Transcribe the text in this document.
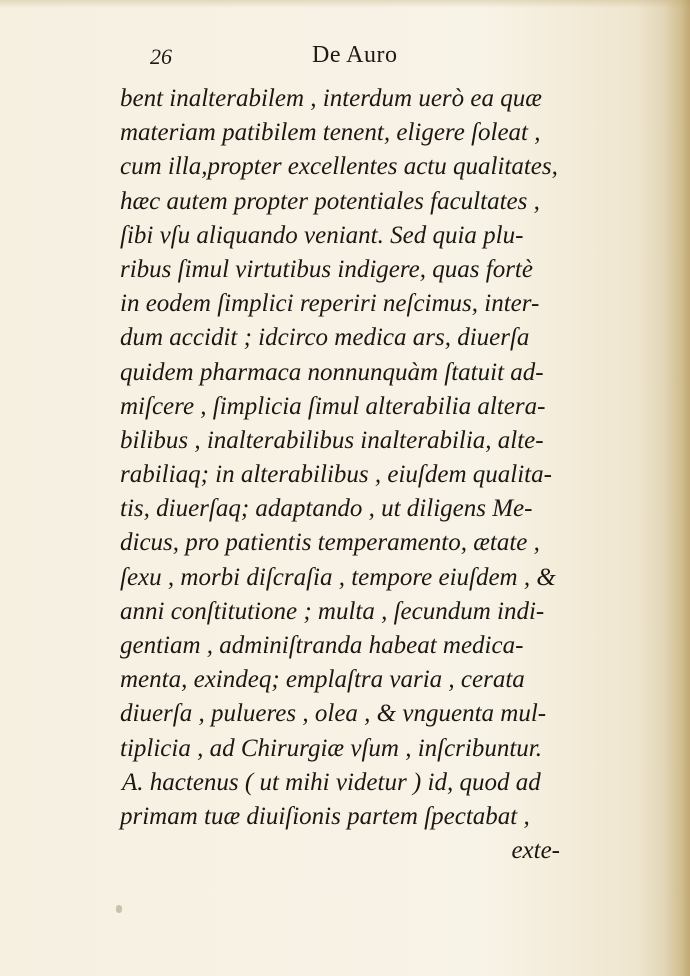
26	De Auro
bent inalterabilem , interdum uerò ea quæ
materiam patibilem tenent, eligere ſoleat ,
cum illa,propter excellentes actu qualitates,
hæc autem propter potentiales facultates ,
ſibi vſu aliquando veniant. Sed quia plu-
ribus ſimul virtutibus indigere, quas fortè
in eodem ſimplici reperiri neſcimus, inter-
dum accidit ; idcirco medica ars, diuerſa
quidem pharmaca nonnunquàm ſtatuit ad-
miſcere , ſimplicia ſimul alterabilia altera-
bilibus , inalterabilibus inalterabilia, alte-
rabiliaq; in alterabilibus , eiuſdem qualita-
tis, diuerſaq; adaptando , ut diligens Me-
dicus, pro patientis temperamento, ætate ,
ſexu , morbi diſcraſia , tempore eiuſdem , &
anni conſtitutione ; multa , ſecundum indi-
gentiam , adminiſtranda habeat medica-
menta, exindeq; emplaſtra varia , cerata
diuerſa , pulueres , olea , & vnguenta mul-
tiplicia , ad Chirurgiæ vſum , inſcribuntur.
A. hactenus ( ut mihi videtur ) id, quod ad
primam tuæ diuiſionis partem ſpectabat ,
exte-
